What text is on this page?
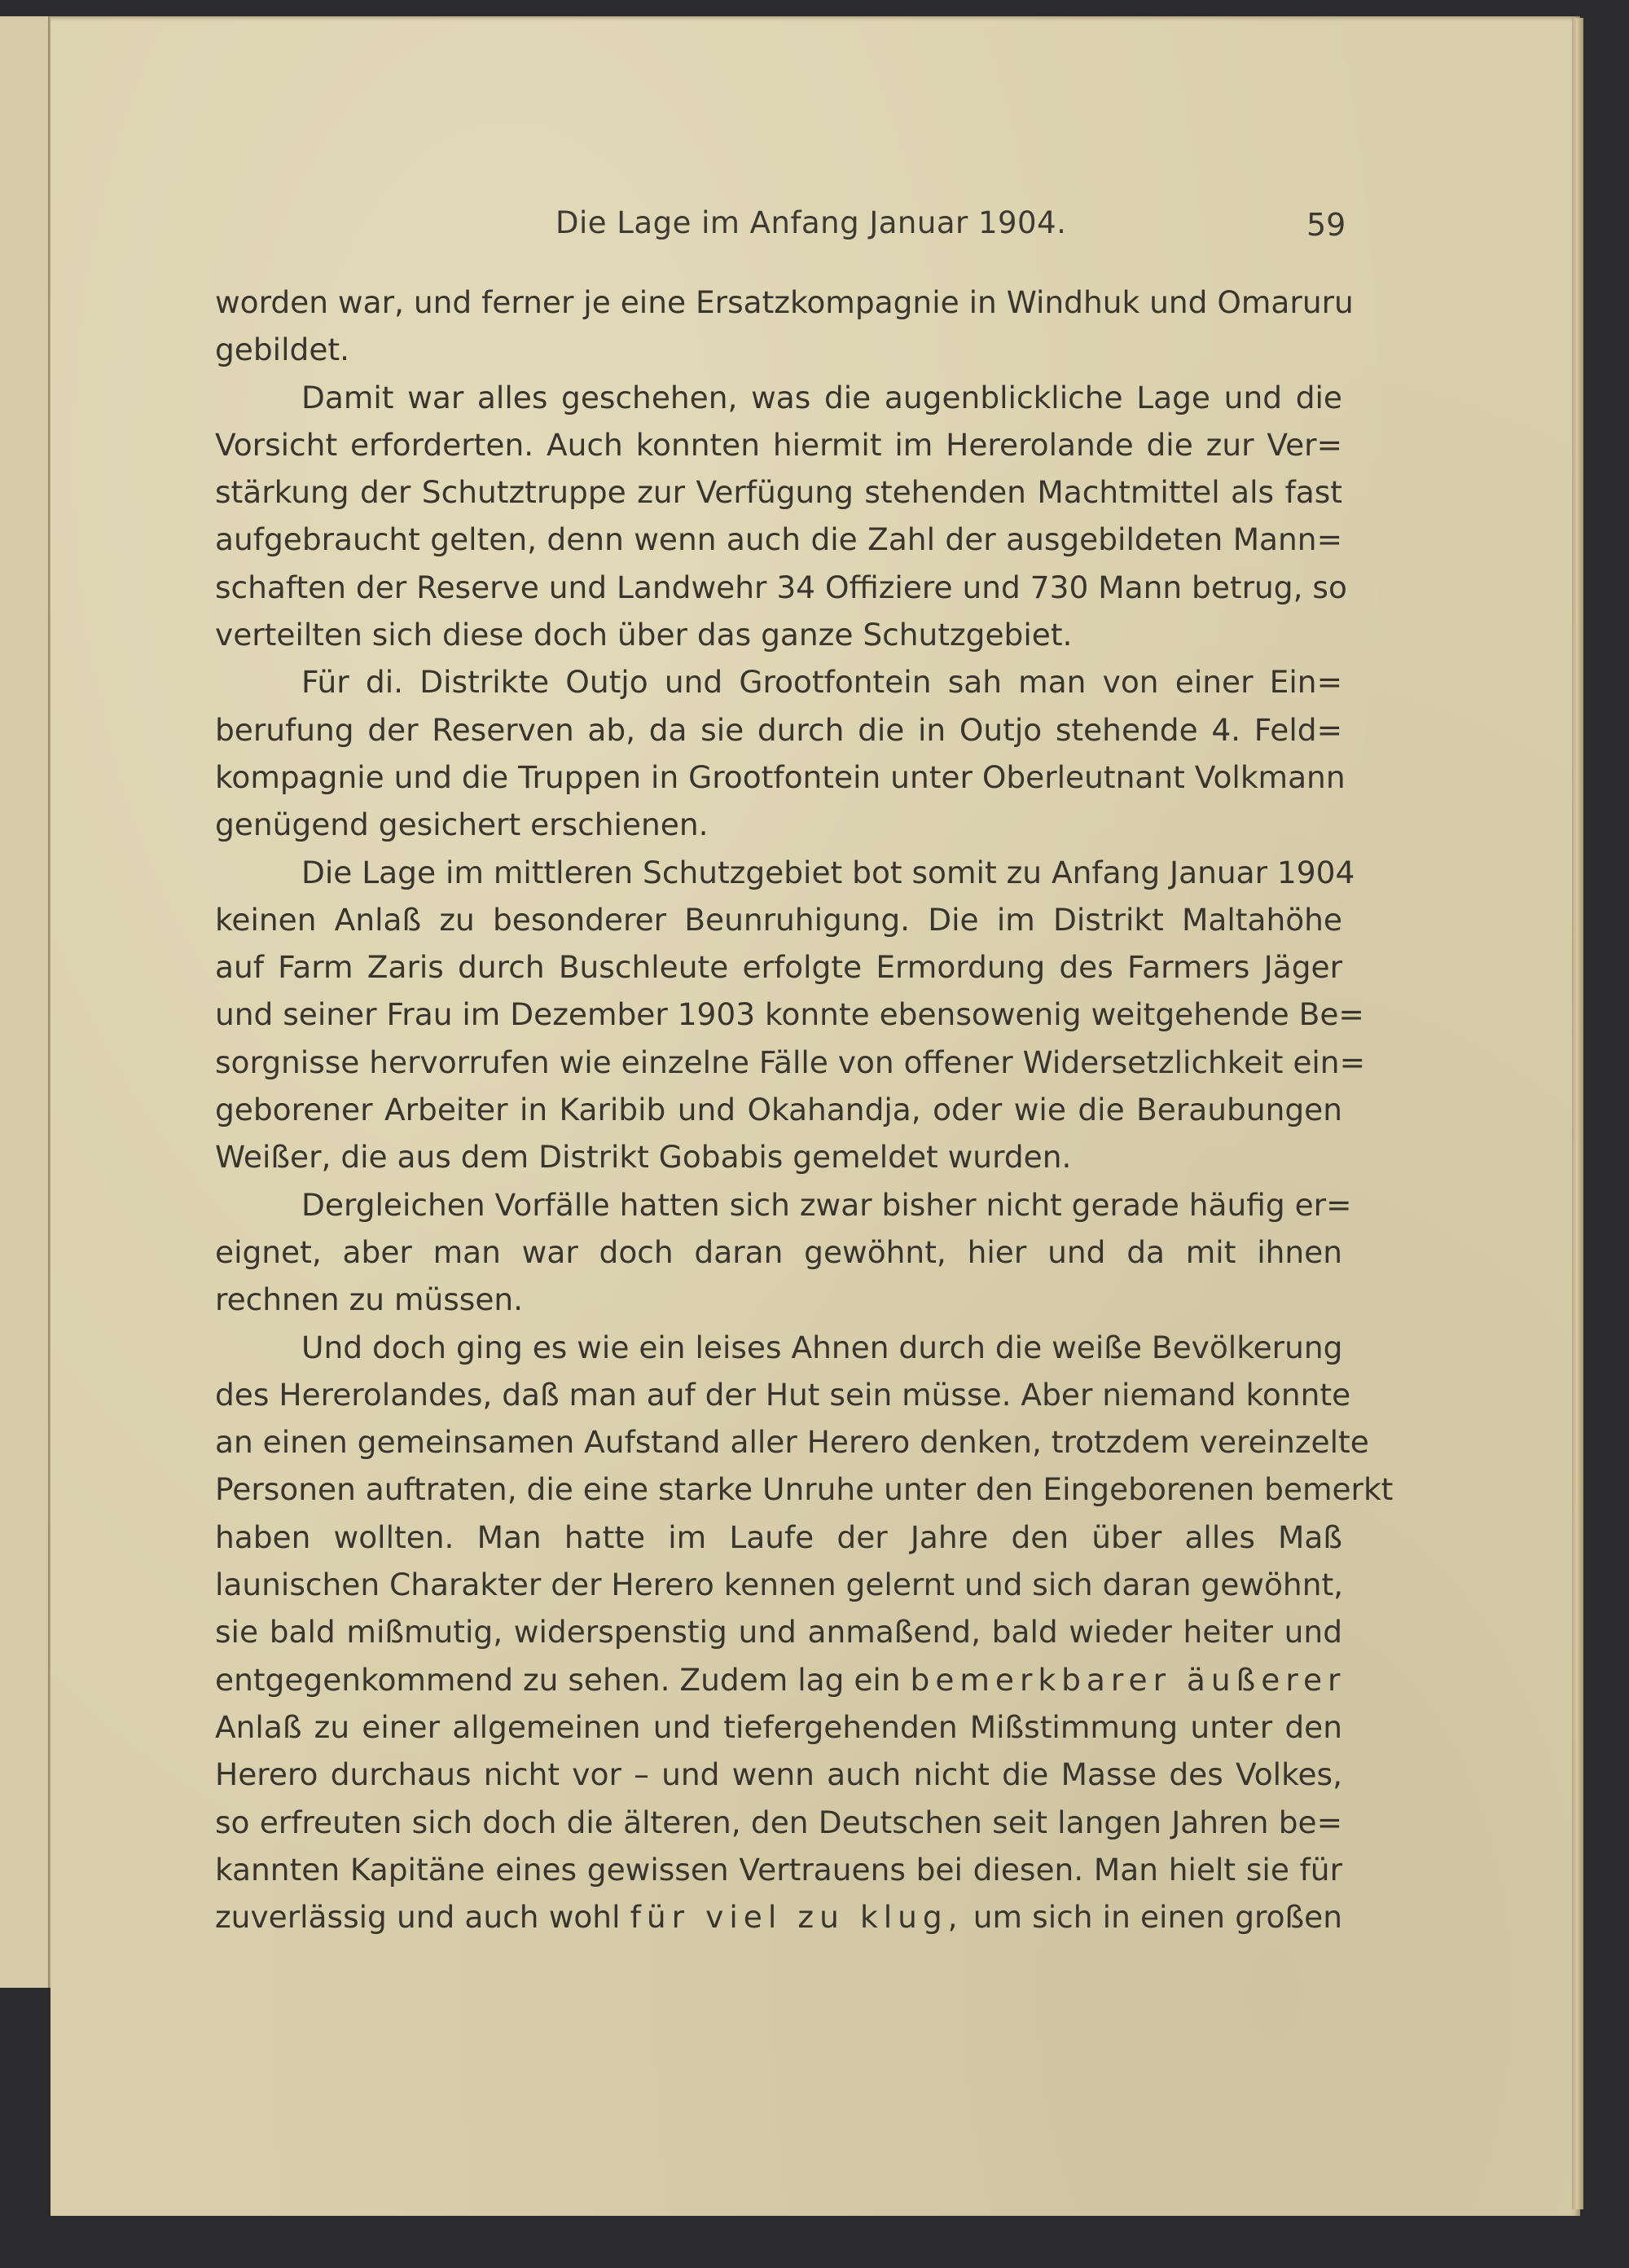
Die Lage im Anfang Januar 1904.	59
worden war, und ferner je eine Ersatzkompagnie in Windhuk und Omaruru
gebildet.
Damit war alles geschehen, was die augenblickliche Lage und die
Vorsicht erforderten. Auch konnten hiermit im Hererolande die zur Ver=
stärkung der Schutztruppe zur Verfügung stehenden Machtmittel als fast
aufgebraucht gelten, denn wenn auch die Zahl der ausgebildeten Mann=
schaften der Reserve und Landwehr 34 Offiziere und 730 Mann betrug, so
verteilten sich diese doch über das ganze Schutzgebiet.
Für di. Distrikte Outjo und Grootfontein sah man von einer Ein=
berufung der Reserven ab, da sie durch die in Outjo stehende 4. Feld=
kompagnie und die Truppen in Grootfontein unter Oberleutnant Volkmann
genügend gesichert erschienen.
Die Lage im mittleren Schutzgebiet bot somit zu Anfang Januar 1904
keinen Anlaß zu besonderer Beunruhigung. Die im Distrikt Maltahöhe
auf Farm Zaris durch Buschleute erfolgte Ermordung des Farmers Jäger
und seiner Frau im Dezember 1903 konnte ebensowenig weitgehende Be=
sorgnisse hervorrufen wie einzelne Fälle von offener Widersetzlichkeit ein=
geborener Arbeiter in Karibib und Okahandja, oder wie die Beraubungen
Weißer, die aus dem Distrikt Gobabis gemeldet wurden.
Dergleichen Vorfälle hatten sich zwar bisher nicht gerade häufig er=
eignet, aber man war doch daran gewöhnt, hier und da mit ihnen
rechnen zu müssen.
Und doch ging es wie ein leises Ahnen durch die weiße Bevölkerung
des Hererolandes, daß man auf der Hut sein müsse. Aber niemand konnte
an einen gemeinsamen Aufstand aller Herero denken, trotzdem vereinzelte
Personen auftraten, die eine starke Unruhe unter den Eingeborenen bemerkt
haben wollten. Man hatte im Laufe der Jahre den über alles Maß
launischen Charakter der Herero kennen gelernt und sich daran gewöhnt,
sie bald mißmutig, widerspenstig und anmaßend, bald wieder heiter und
entgegenkommend zu sehen. Zudem lag ein bemerkbarer äußerer
Anlaß zu einer allgemeinen und tiefergehenden Mißstimmung unter den
Herero durchaus nicht vor – und wenn auch nicht die Masse des Volkes,
so erfreuten sich doch die älteren, den Deutschen seit langen Jahren be=
kannten Kapitäne eines gewissen Vertrauens bei diesen. Man hielt sie für
zuverlässig und auch wohl für viel zu klug, um sich in einen großen
